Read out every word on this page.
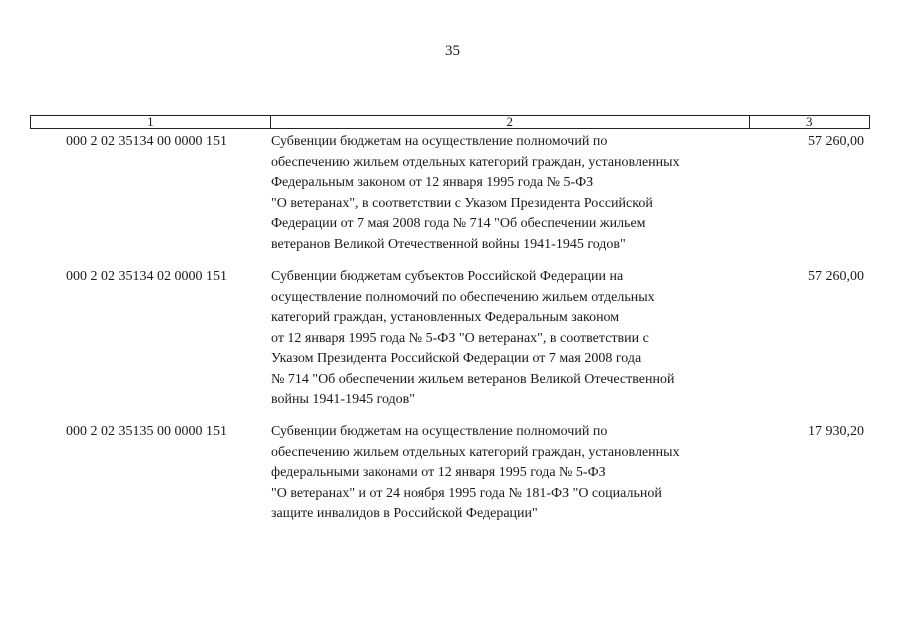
35
1	2	3
000 2 02 35134 00 0000 151	Субвенции бюджетам на осуществление полномочий по
обеспечению жильем отдельных категорий граждан, установленных
Федеральным законом от 12 января 1995 года № 5-ФЗ
"О ветеранах", в соответствии с Указом Президента Российской
Федерации от 7 мая 2008 года № 714 "Об обеспечении жильем
ветеранов Великой Отечественной войны 1941-1945 годов"
57 260,00
000 2 02 35134 02 0000 151	Субвенции бюджетам субъектов Российской Федерации на
осуществление полномочий по обеспечению жильем отдельных
категорий граждан, установленных Федеральным законом
от 12 января 1995 года № 5-ФЗ "О ветеранах", в соответствии с
Указом Президента Российской Федерации от 7 мая 2008 года
№ 714 "Об обеспечении жильем ветеранов Великой Отечественной
войны 1941-1945 годов"
57 260,00
000 2 02 35135 00 0000 151	Субвенции бюджетам на осуществление полномочий по
обеспечению жильем отдельных категорий граждан, установленных
федеральными законами от 12 января 1995 года № 5-ФЗ
"О ветеранах" и от 24 ноября 1995 года № 181-ФЗ "О социальной
защите инвалидов в Российской Федерации"
17 930,20
